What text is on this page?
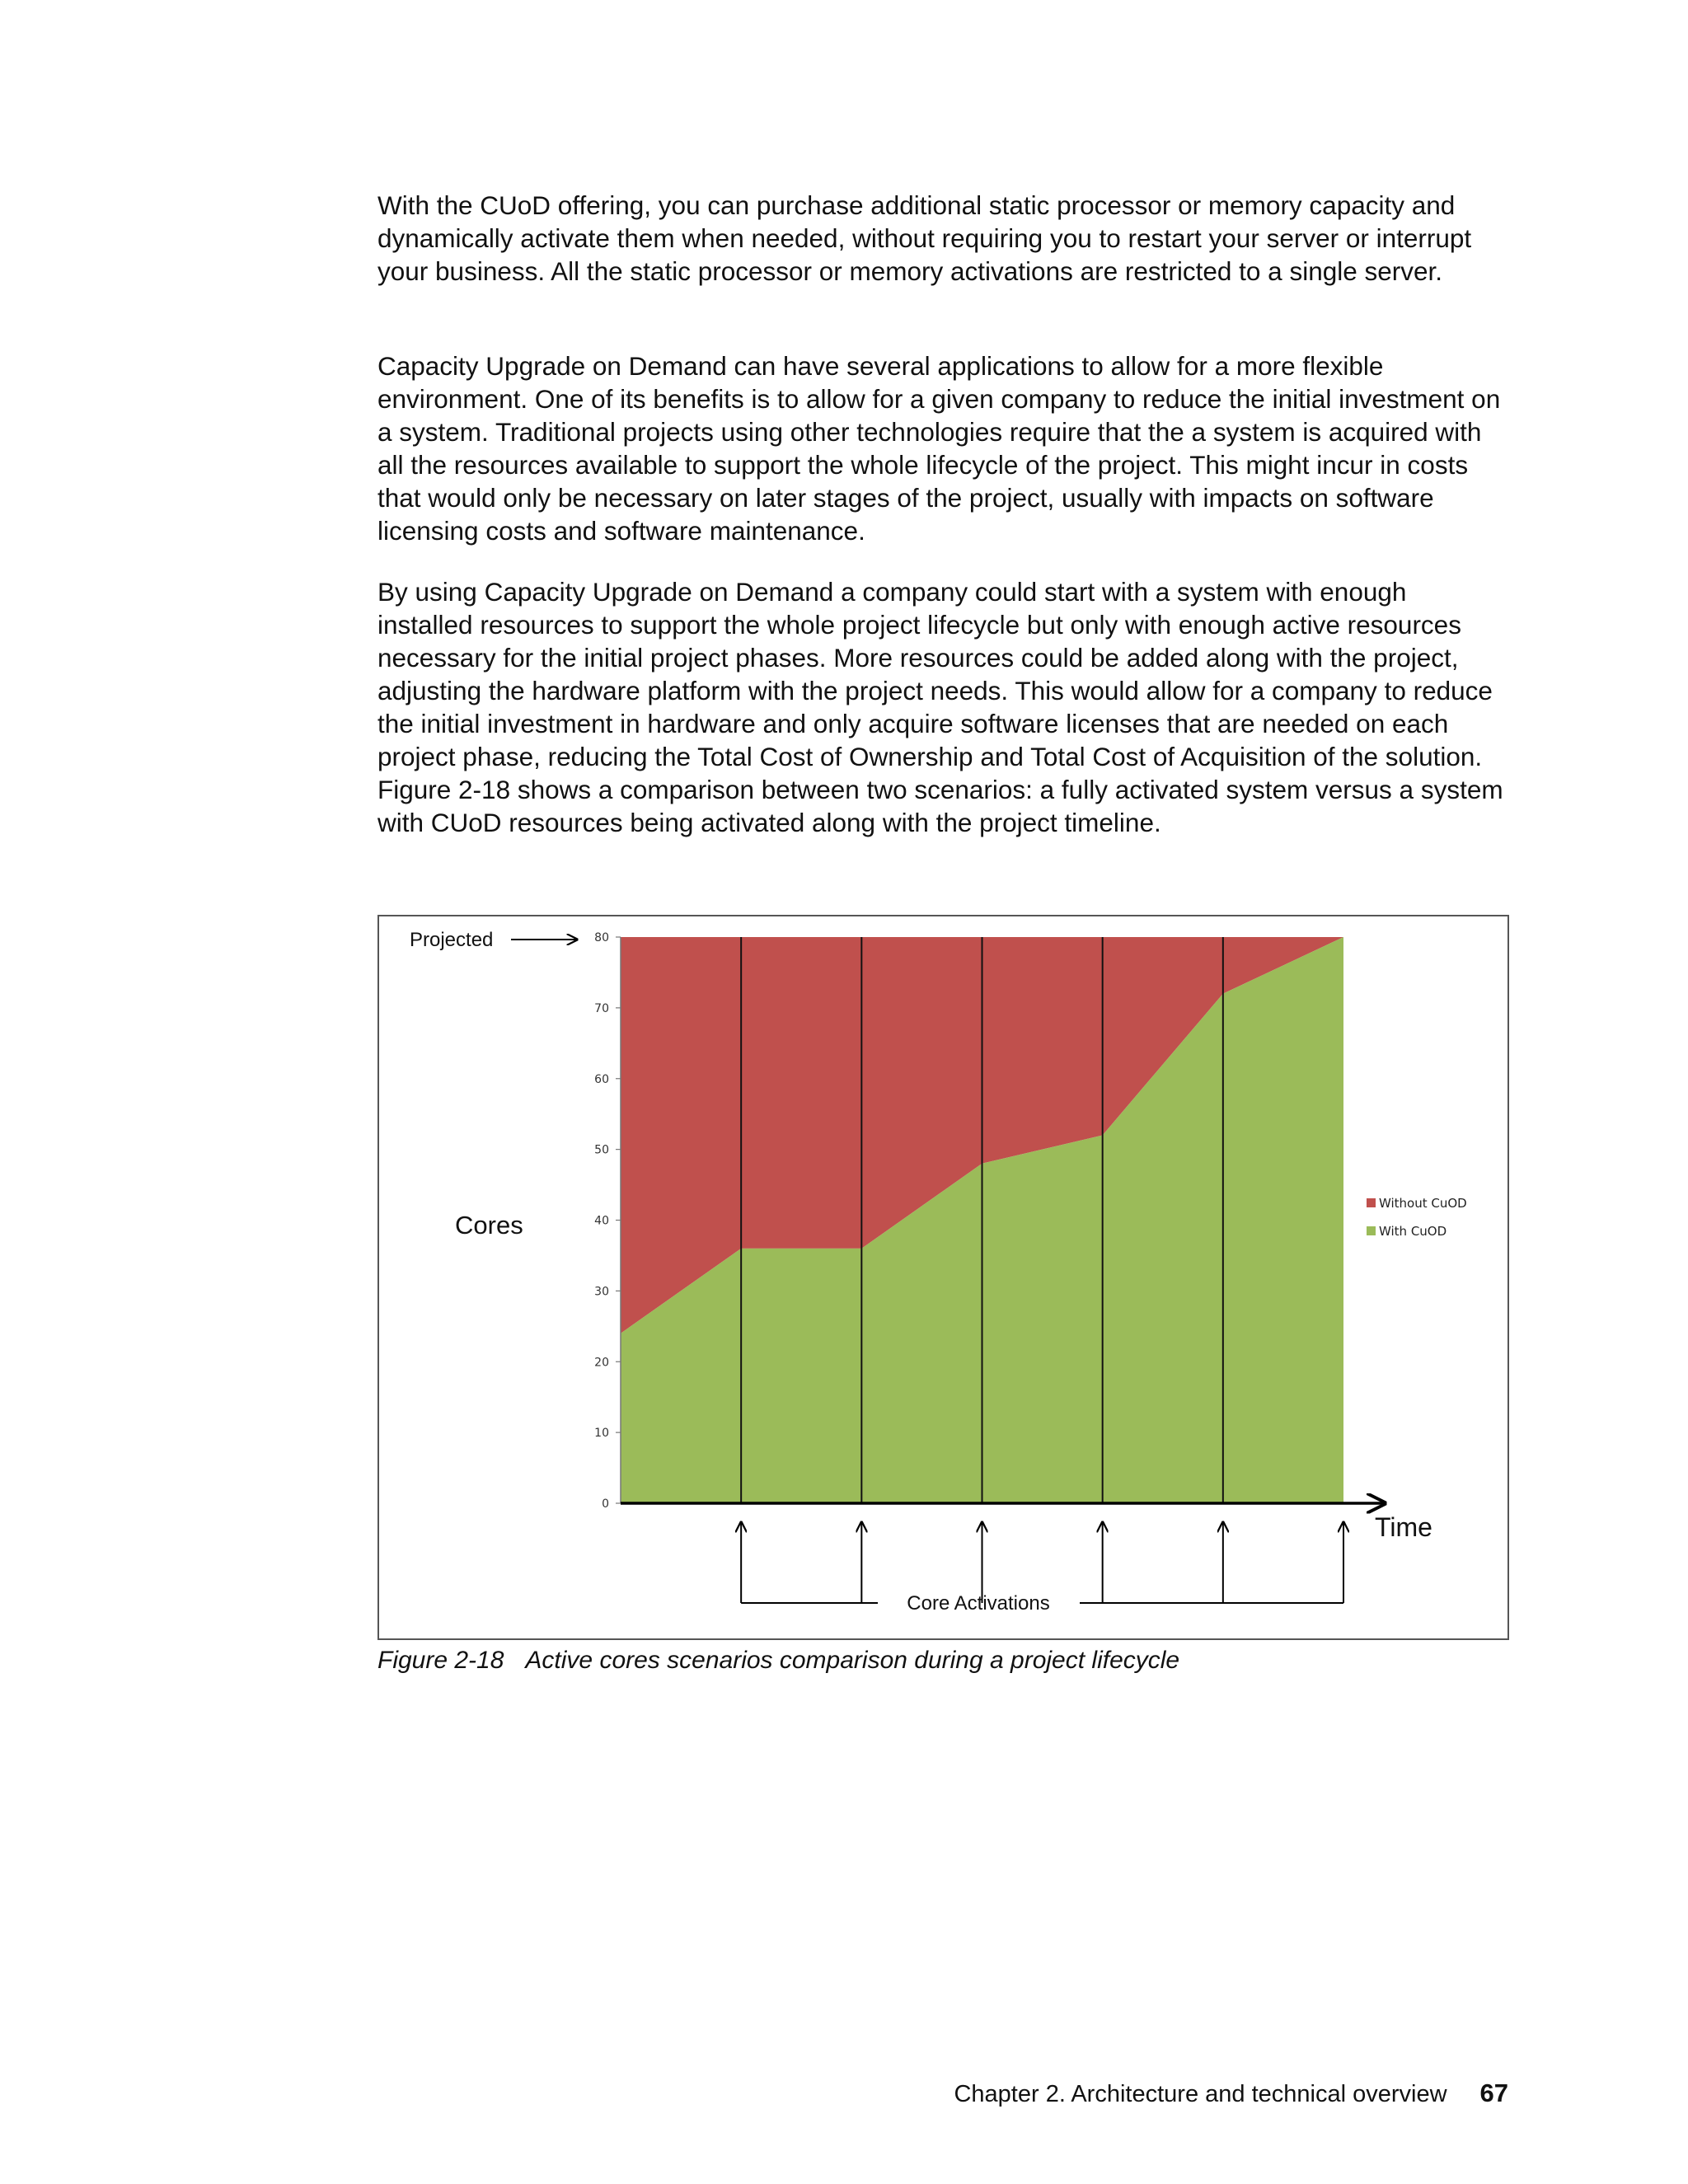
With the CUoD offering, you can purchase additional static processor or memory capacity and dynamically activate them when needed, without requiring you to restart your server or interrupt your business. All the static processor or memory activations are restricted to a single server.

Capacity Upgrade on Demand can have several applications to allow for a more flexible environment. One of its benefits is to allow for a given company to reduce the initial investment on a system. Traditional projects using other technologies require that the a system is acquired with all the resources available to support the whole lifecycle of the project. This might incur in costs that would only be necessary on later stages of the project, usually with impacts on software licensing costs and software maintenance.

By using Capacity Upgrade on Demand a company could start with a system with enough installed resources to support the whole project lifecycle but only with enough active resources necessary for the initial project phases. More resources could be added along with the project, adjusting the hardware platform with the project needs. This would allow for a company to reduce the initial investment in hardware and only acquire software licenses that are needed on each project phase, reducing the Total Cost of Ownership and Total Cost of Acquisition of the solution. Figure 2-18 shows a comparison between two scenarios: a fully activated system versus a system with CUoD resources being activated along with the project timeline.

0
10
20
30
40
50
60
70
80
Projected
Cores
Time
Core Activations
Without CuOD
With CuOD
Figure 2-18 Active cores scenarios comparison during a project lifecycle
Chapter 2. Architecture and technical overview 67
